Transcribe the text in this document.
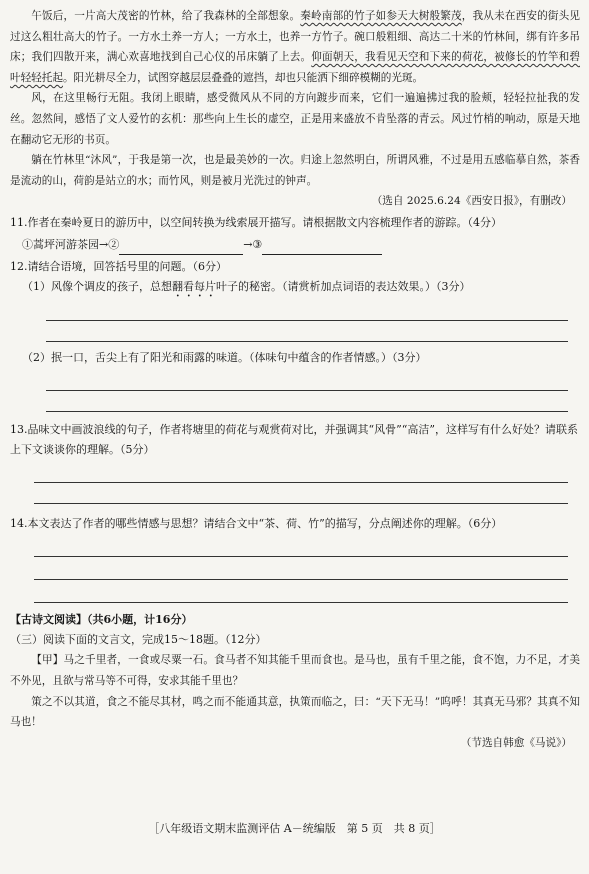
午饭后，一片高大茂密的竹林，给了我森林的全部想象。秦岭南部的竹子如参天大树般繁茂，我从未在西安的街头见过这么粗壮高大的竹子。一方水土养一方人；一方水土，也养一方竹子。碗口般粗细、高达二十米的竹林间，绑有许多吊床；我们四散开来，满心欢喜地找到自己心仪的吊床躺了上去。仰面朝天，我看见天空和下来的荷花，被修长的竹竿和碧叶轻轻托起。阳光耕尽全力，试图穿越层层叠叠的遮挡，却也只能洒下细碎模糊的光斑。

风，在这里畅行无阻。我闭上眼睛，感受微风从不同的方向踱步而来，它们一遍遍拂过我的脸颊，轻轻拉扯我的发丝。忽然间，感悟了文人爱竹的玄机：那些向上生长的虚空，正是用来盛放不肯坠落的青云。风过竹梢的响动，原是天地在翻动它无形的书页。

躺在竹林里“沐风”，于我是第一次，也是最美妙的一次。归途上忽然明白，所谓风雅，不过是用五感临摹自然，茶香是流动的山，荷韵是站立的水；而竹风，则是被月光洗过的钟声。

（选自 2025.6.24《西安日报》，有删改）

11.作者在秦岭夏日的游历中，以空间转换为线索展开描写。请根据散文内容梳理作者的游踪。（4分）

①蒿坪河游茶园→②	→③

12.请结合语境，回答括号里的问题。（6分）

（1）风像个调皮的孩子，总想翻看每片叶子的秘密。（请赏析加点词语的表达效果。）（3分）

（2）抿一口，舌尖上有了阳光和雨露的味道。（体味句中蕴含的作者情感。）（3分）

13.品味文中画波浪线的句子，作者将塘里的荷花与观赏荷对比，并强调其“风骨”“高洁”，这样写有什么好处？请联系上下文谈谈你的理解。（5分）

14.本文表达了作者的哪些情感与思想？请结合文中“茶、荷、竹”的描写，分点阐述你的理解。（6分）

【古诗文阅读】（共6小题，计16分）

（三）阅读下面的文言文，完成15～18题。（12分）

【甲】马之千里者，一食或尽粟一石。食马者不知其能千里而食也。是马也，虽有千里之能，食不饱，力不足，才美不外见，且欲与常马等不可得，安求其能千里也？

策之不以其道，食之不能尽其材，鸣之而不能通其意，执策而临之，曰：“天下无马！”呜呼！其真无马邪？其真不知马也！

（节选自韩愈《马说》）

［八年级语文期末监测评估 A－统编版　第 5 页　共 8 页］
